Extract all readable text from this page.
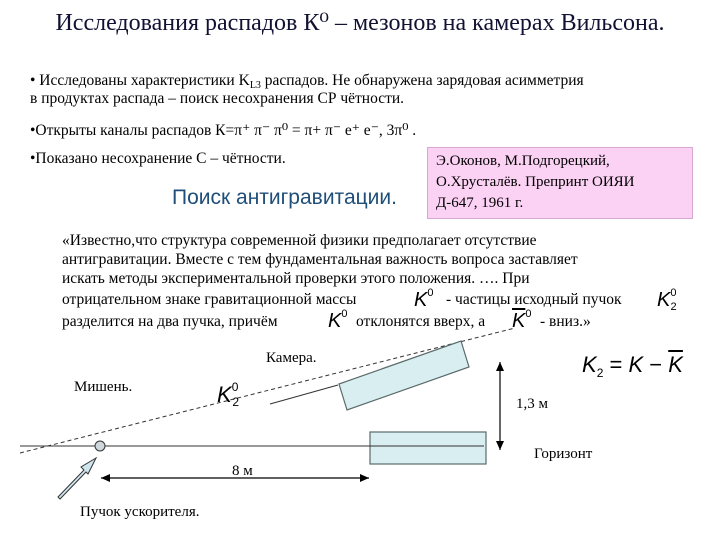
Исследования распадов К⁰ – мезонов на камерах Вильсона.
• Исследованы характеристики $K_{L3}$ распадов. Не обнаружена зарядовая асимметрия
в продуктах распада – поиск несохранения СР чётности.
•Открыты каналы распадов К=π⁺ π⁻ π⁰ = π+ π⁻ e⁺ e⁻, 3π⁰ .
•Показано несохранение С – чётности.	Э.Оконов, М.Подгорецкий,
О.Хрусталёв. Препринт ОИЯИ
Д-647, 1961 г.
Поиск антигравитации.
«Известно,что структура современной физики предполагает отсутствие
антигравитации. Вместе с тем фундаментальная важность вопроса заставляет
искать методы экспериментальной проверки этого положения. …. При
отрицательном знаке гравитационной массы	$K^0$ - частицы исходный пучок $K^0_2$
разделится на два пучка, причём	$K^0$ отклонятся вверх, а $\overline{K}^0$ - вниз.»
Камера.
Мишень.	$K^02$	1,3 м
Горизонт
8 м
Пучок ускорителя.
$K_2 = K - \overline{K}$
